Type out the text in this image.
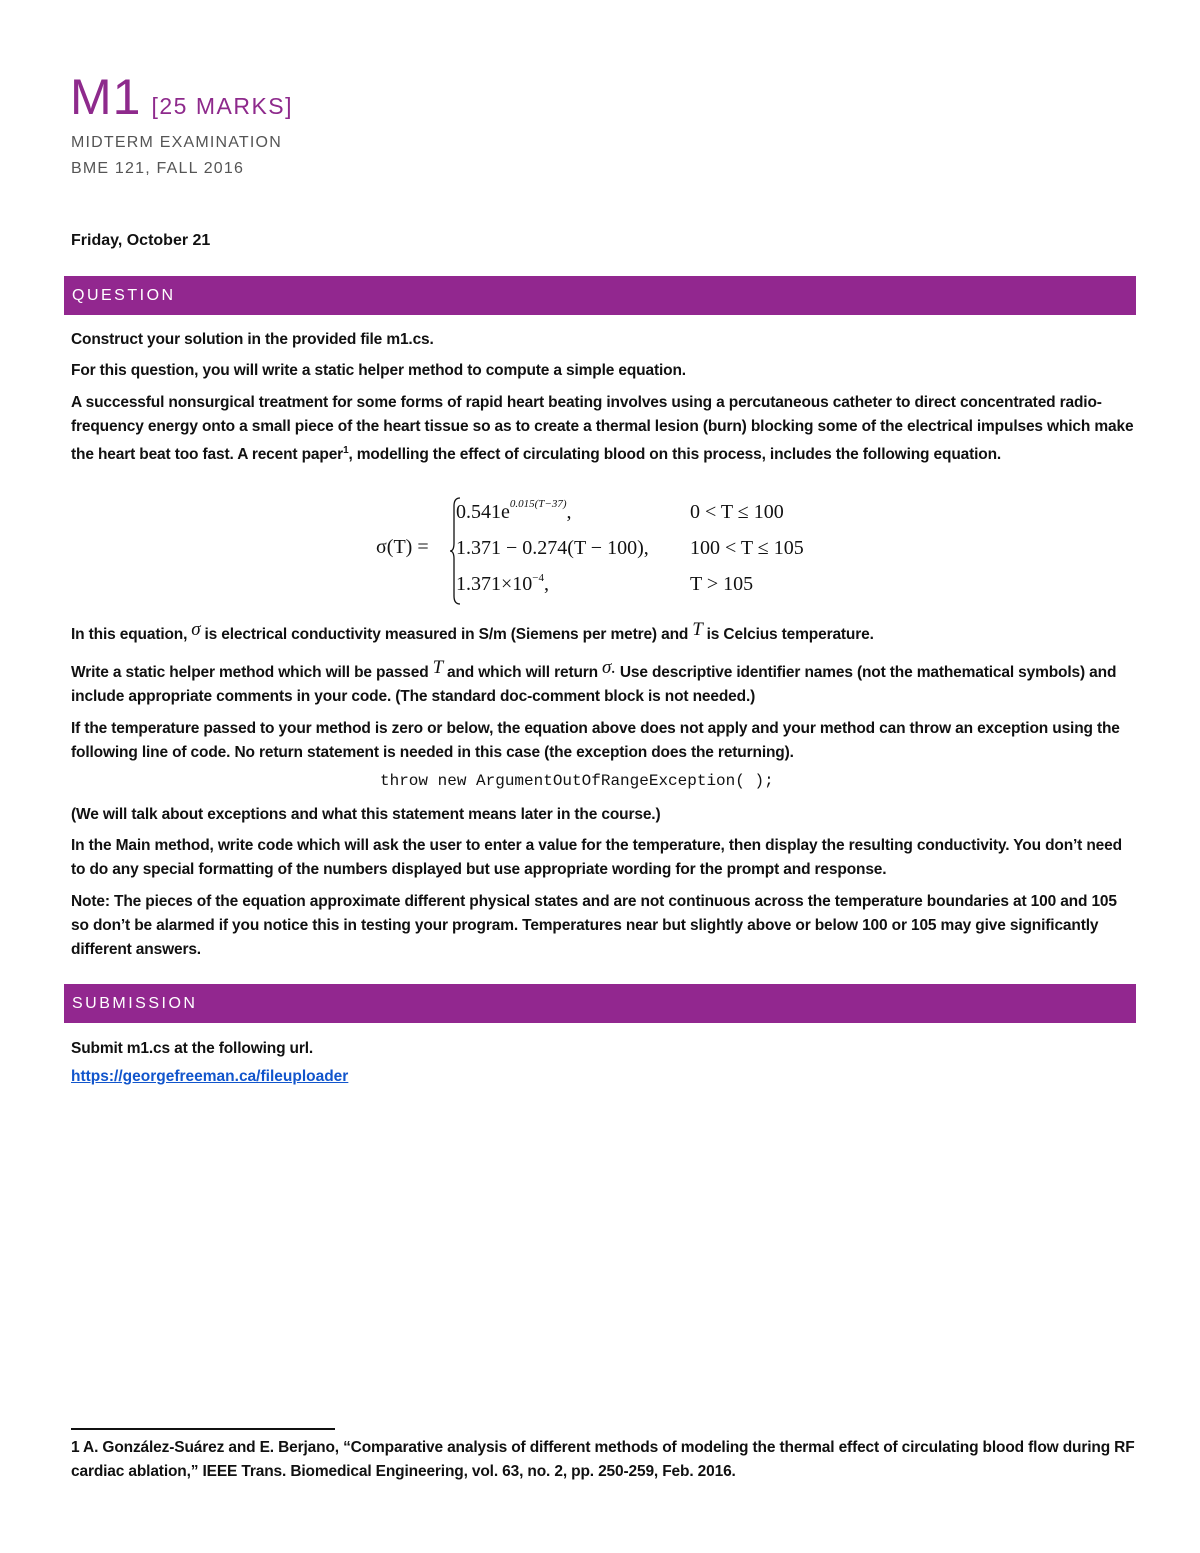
M1 [25 MARKS]
MIDTERM EXAMINATION
BME 121, FALL 2016
Friday, October 21
QUESTION
Construct your solution in the provided file m1.cs.
For this question, you will write a static helper method to compute a simple equation.
A successful nonsurgical treatment for some forms of rapid heart beating involves using a percutaneous catheter to direct concentrated radio-frequency energy onto a small piece of the heart tissue so as to create a thermal lesion (burn) blocking some of the electrical impulses which make the heart beat too fast. A recent paper$^1$, modelling the effect of circulating blood on this process, includes the following equation.
σ(T) =
$0.541e^{0.015(T-37)}$,	0 < T ≤ 100
1.371 − 0.274(T − 100), 100 < T ≤ 105
$1.371\times 10^{-4}$,	T > 105
In this equation, σ is electrical conductivity measured in S/m (Siemens per metre) and T is Celcius temperature.
Write a static helper method which will be passed T and which will return σ. Use descriptive identifier names (not the mathematical symbols) and include appropriate comments in your code. (The standard doc-comment block is not needed.)
If the temperature passed to your method is zero or below, the equation above does not apply and your method can throw an exception using the following line of code. No return statement is needed in this case (the exception does the returning).
throw new ArgumentOutOfRangeException( );
(We will talk about exceptions and what this statement means later in the course.)
In the Main method, write code which will ask the user to enter a value for the temperature, then display the resulting conductivity. You don’t need to do any special formatting of the numbers displayed but use appropriate wording for the prompt and response.
Note: The pieces of the equation approximate different physical states and are not continuous across the temperature boundaries at 100 and 105 so don’t be alarmed if you notice this in testing your program. Temperatures near but slightly above or below 100 or 105 may give significantly different answers.
SUBMISSION
Submit m1.cs at the following url.
https://georgefreeman.ca/fileuploader
1 A. González-Suárez and E. Berjano, “Comparative analysis of different methods of modeling the thermal effect of circulating blood flow during RF cardiac ablation,” IEEE Trans. Biomedical Engineering, vol. 63, no. 2, pp. 250-259, Feb. 2016.
